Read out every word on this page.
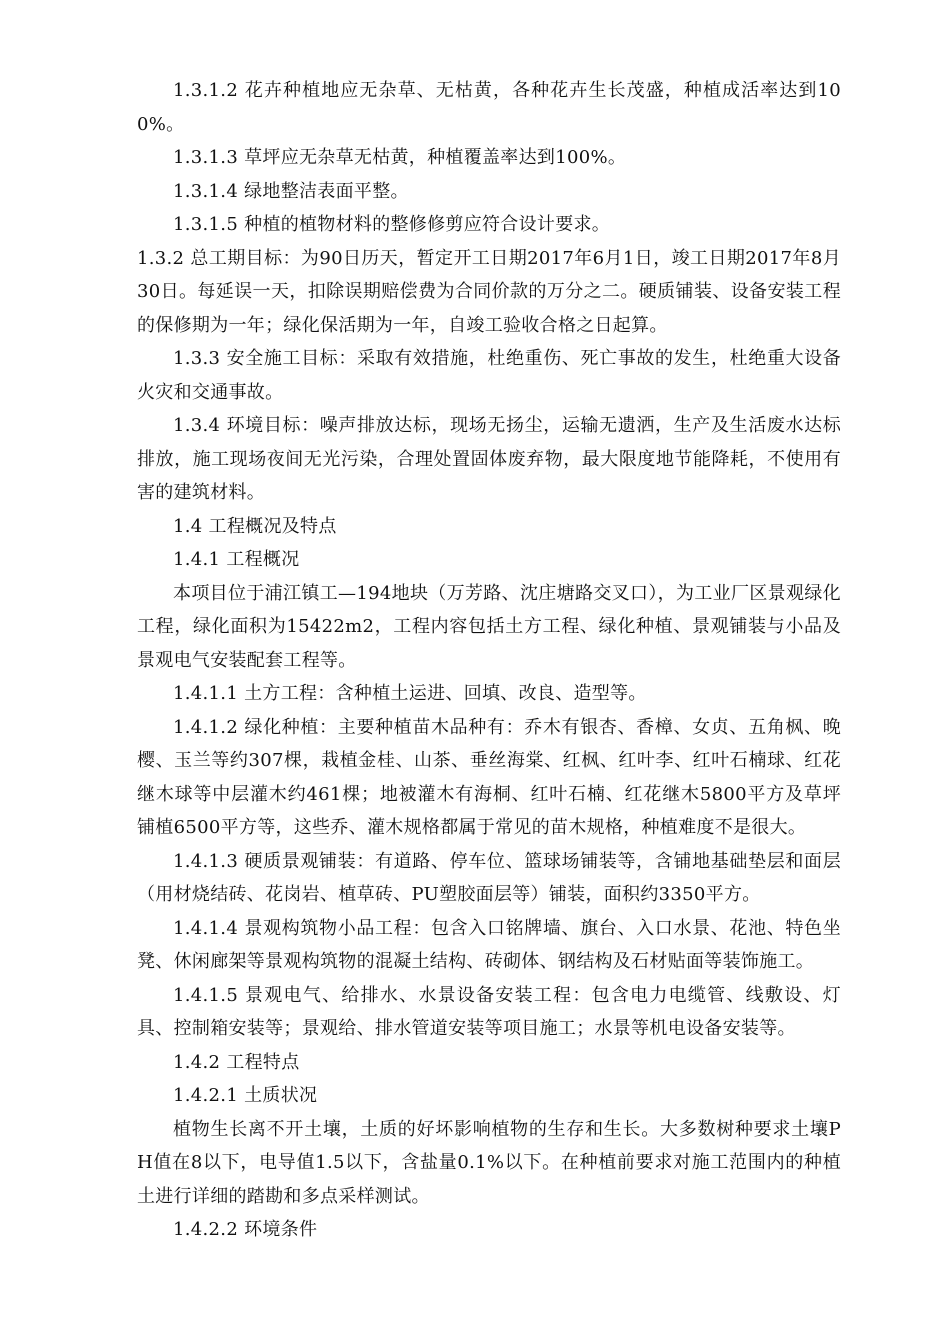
1.3.1.2 花卉种植地应无杂草、无枯黄，各种花卉生长茂盛，种植成活率达到100%。

1.3.1.3 草坪应无杂草无枯黄，种植覆盖率达到100%。

1.3.1.4 绿地整洁表面平整。

1.3.1.5 种植的植物材料的整修修剪应符合设计要求。

1.3.2 总工期目标：为90日历天，暂定开工日期2017年6月1日，竣工日期2017年8月30日。每延误一天，扣除误期赔偿费为合同价款的万分之二。硬质铺装、设备安装工程的保修期为一年；绿化保活期为一年，自竣工验收合格之日起算。

1.3.3 安全施工目标：采取有效措施，杜绝重伤、死亡事故的发生，杜绝重大设备火灾和交通事故。

1.3.4 环境目标：噪声排放达标，现场无扬尘，运输无遗洒，生产及生活废水达标排放，施工现场夜间无光污染，合理处置固体废弃物，最大限度地节能降耗，不使用有害的建筑材料。

1.4 工程概况及特点

1.4.1 工程概况

本项目位于浦江镇工—194地块（万芳路、沈庄塘路交叉口），为工业厂区景观绿化工程，绿化面积为15422m2，工程内容包括土方工程、绿化种植、景观铺装与小品及景观电气安装配套工程等。

1.4.1.1 土方工程：含种植土运进、回填、改良、造型等。

1.4.1.2 绿化种植：主要种植苗木品种有：乔木有银杏、香樟、女贞、五角枫、晚樱、玉兰等约307棵，栽植金桂、山茶、垂丝海棠、红枫、红叶李、红叶石楠球、红花继木球等中层灌木约461棵；地被灌木有海桐、红叶石楠、红花继木5800平方及草坪铺植6500平方等，这些乔、灌木规格都属于常见的苗木规格，种植难度不是很大。

1.4.1.3 硬质景观铺装：有道路、停车位、篮球场铺装等，含铺地基础垫层和面层（用材烧结砖、花岗岩、植草砖、PU塑胶面层等）铺装，面积约3350平方。

1.4.1.4 景观构筑物小品工程：包含入口铭牌墙、旗台、入口水景、花池、特色坐凳、休闲廊架等景观构筑物的混凝土结构、砖砌体、钢结构及石材贴面等装饰施工。

1.4.1.5 景观电气、给排水、水景设备安装工程：包含电力电缆管、线敷设、灯具、控制箱安装等；景观给、排水管道安装等项目施工；水景等机电设备安装等。

1.4.2 工程特点

1.4.2.1 土质状况

植物生长离不开土壤，土质的好坏影响植物的生存和生长。大多数树种要求土壤PH值在8以下，电导值1.5以下，含盐量0.1%以下。在种植前要求对施工范围内的种植土进行详细的踏勘和多点采样测试。

1.4.2.2 环境条件
